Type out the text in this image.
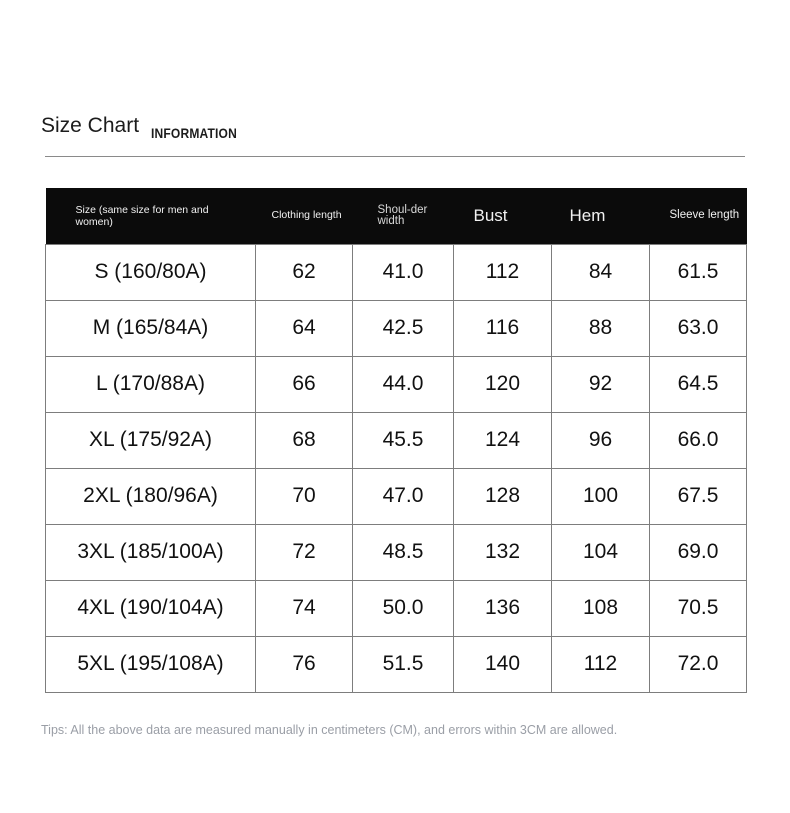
Size Chart INFORMATION
Size (same size for men and women)	Clothing length	Shoul-der width	Bust	Hem	Sleeve length

S (160/80A)	62	41.0	112	84	61.5
M (165/84A)	64	42.5	116	88	63.0
L (170/88A)	66	44.0	120	92	64.5
XL (175/92A)	68	45.5	124	96	66.0
2XL (180/96A)	70	47.0	128	100	67.5
3XL (185/100A)	72	48.5	132	104	69.0
4XL (190/104A)	74	50.0	136	108	70.5
5XL (195/108A)	76	51.5	140	112	72.0
Tips: All the above data are measured manually in centimeters (CM), and errors within 3CM are allowed.
